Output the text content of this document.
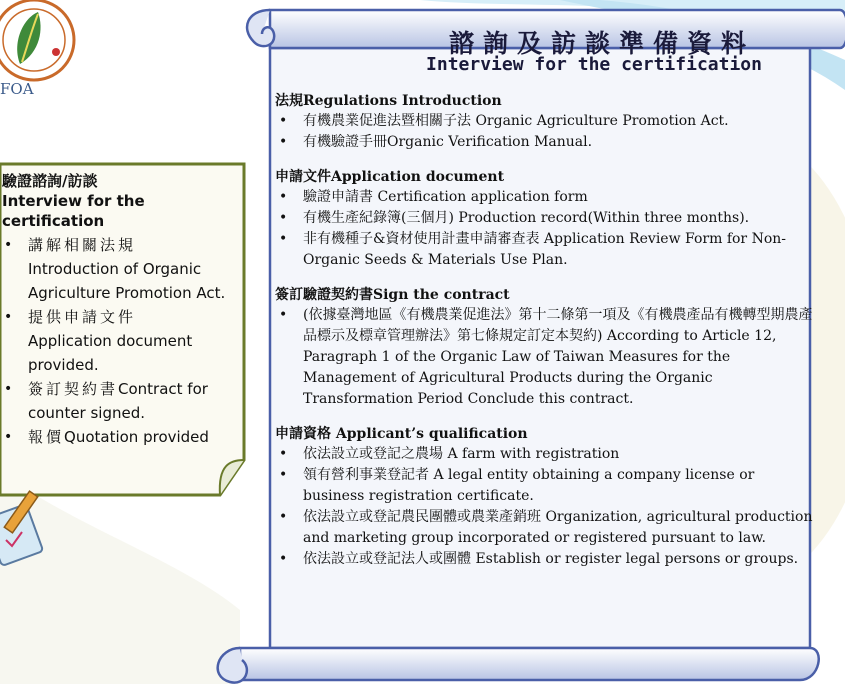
FOA

驗證諮詢/訪談
Interview for the certification

• 講解相關法規
Introduction of Organic Agriculture Promotion Act.
• 提供申請文件
Application document provided.
• 簽訂契約書Contract for counter signed.
• 報價Quotation provided
諮詢及訪談準備資料
Interview for the certification

法規Regulations Introduction

• 有機農業促進法暨相關子法 Organic Agriculture Promotion Act.
• 有機驗證手冊Organic Verification Manual.

申請文件Application document

• 驗證申請書 Certification application form
• 有機生產紀錄簿(三個月) Production record(Within three months).
• 非有機種子&資材使用計畫申請審查表 Application Review Form for Non-Organic Seeds & Materials Use Plan.

簽訂驗證契約書Sign the contract

• (依據臺灣地區《有機農業促進法》第十二條第一項及《有機農產品有機轉型期農產品標示及標章管理辦法》第七條規定訂定本契約) According to Article 12, Paragraph 1 of the Organic Law of Taiwan Measures for the Management of Agricultural Products during the Organic Transformation Period Conclude this contract.

申請資格 Applicant’s qualification

• 依法設立或登記之農場 A farm with registration
• 領有營利事業登記者 A legal entity obtaining a company license or business registration certificate.
• 依法設立或登記農民團體或農業產銷班 Organization, agricultural production and marketing group incorporated or registered pursuant to law.
• 依法設立或登記法人或團體 Establish or register legal persons or groups.
